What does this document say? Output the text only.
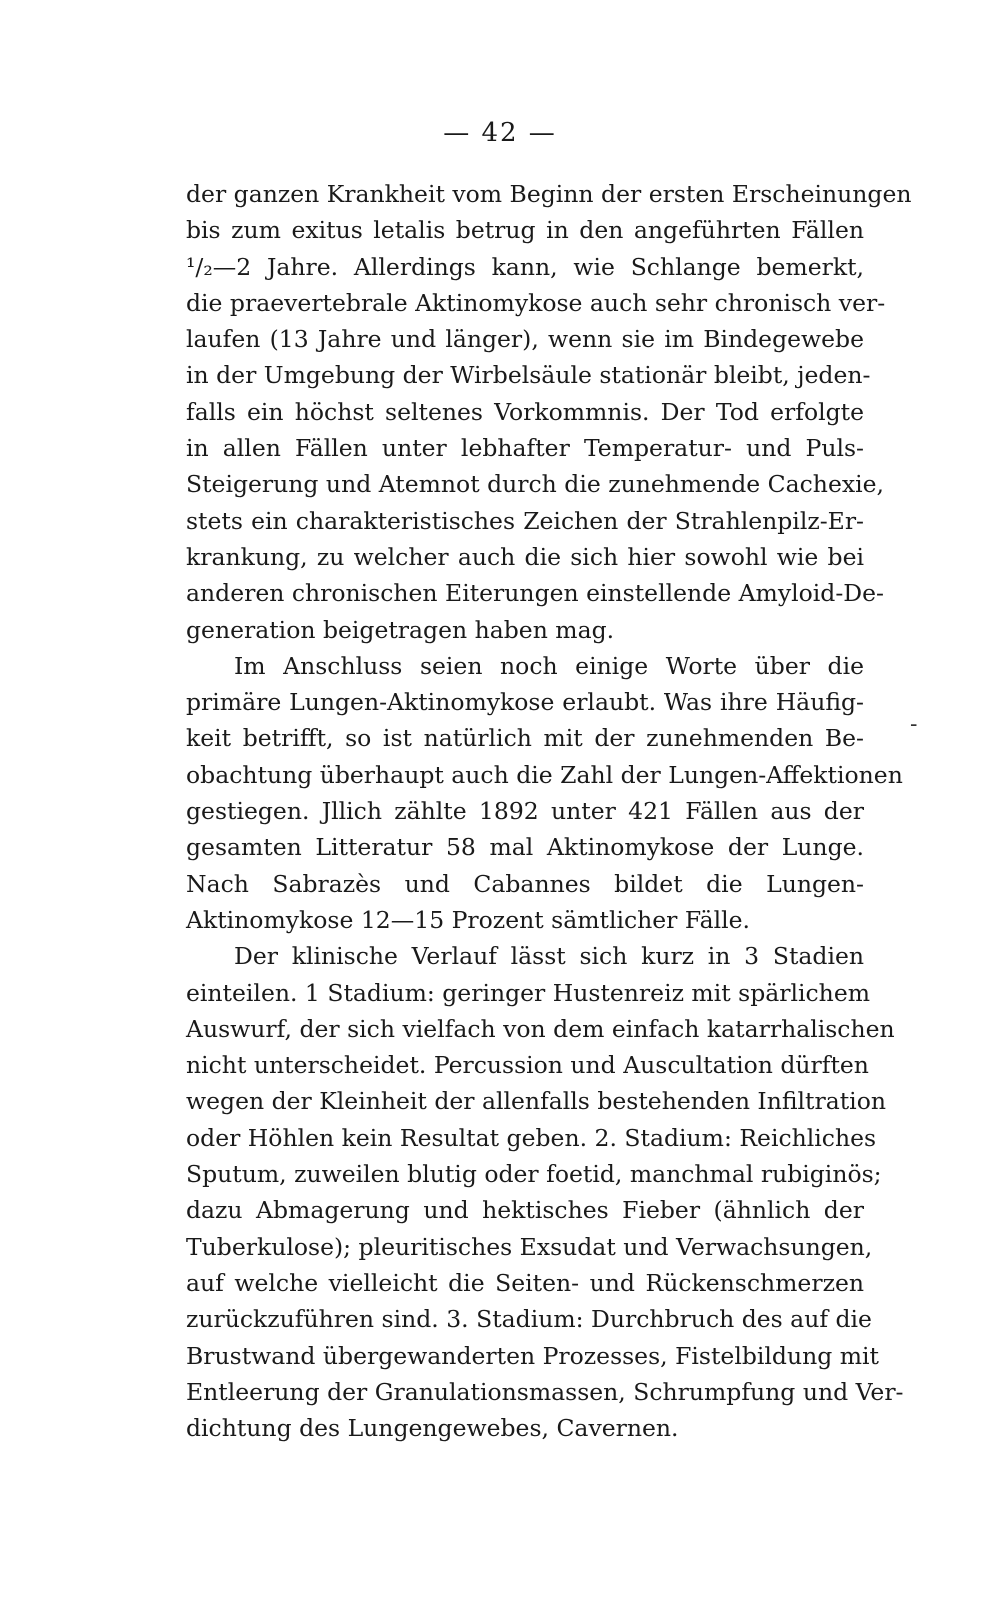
— 42 —
der ganzen Krankheit vom Beginn der ersten Erscheinungen
bis zum exitus letalis betrug in den angeführten Fällen
¹/₂—2 Jahre. Allerdings kann, wie Schlange bemerkt,
die praevertebrale Aktinomykose auch sehr chronisch ver-
laufen (13 Jahre und länger), wenn sie im Bindegewebe
in der Umgebung der Wirbelsäule stationär bleibt, jeden-
falls ein höchst seltenes Vorkommnis. Der Tod erfolgte
in allen Fällen unter lebhafter Temperatur- und Puls-
Steigerung und Atemnot durch die zunehmende Cachexie,
stets ein charakteristisches Zeichen der Strahlenpilz-Er-
krankung, zu welcher auch die sich hier sowohl wie bei
anderen chronischen Eiterungen einstellende Amyloid-De-
generation beigetragen haben mag.
Im Anschluss seien noch einige Worte über die
primäre Lungen-Aktinomykose erlaubt. Was ihre Häufig-
keit betrifft, so ist natürlich mit der zunehmenden Be-
obachtung überhaupt auch die Zahl der Lungen-Affektionen
gestiegen. Jllich zählte 1892 unter 421 Fällen aus der
gesamten Litteratur 58 mal Aktinomykose der Lunge.
Nach Sabrazès und Cabannes bildet die Lungen-
Aktinomykose 12—15 Prozent sämtlicher Fälle.
Der klinische Verlauf lässt sich kurz in 3 Stadien
einteilen. 1 Stadium: geringer Hustenreiz mit spärlichem
Auswurf, der sich vielfach von dem einfach katarrhalischen
nicht unterscheidet. Percussion und Auscultation dürften
wegen der Kleinheit der allenfalls bestehenden Infiltration
oder Höhlen kein Resultat geben. 2. Stadium: Reichliches
Sputum, zuweilen blutig oder foetid, manchmal rubiginös;
dazu Abmagerung und hektisches Fieber (ähnlich der
Tuberkulose); pleuritisches Exsudat und Verwachsungen,
auf welche vielleicht die Seiten- und Rückenschmerzen
zurückzuführen sind. 3. Stadium: Durchbruch des auf die
Brustwand übergewanderten Prozesses, Fistelbildung mit
Entleerung der Granulationsmassen, Schrumpfung und Ver-
dichtung des Lungengewebes, Cavernen.
-
